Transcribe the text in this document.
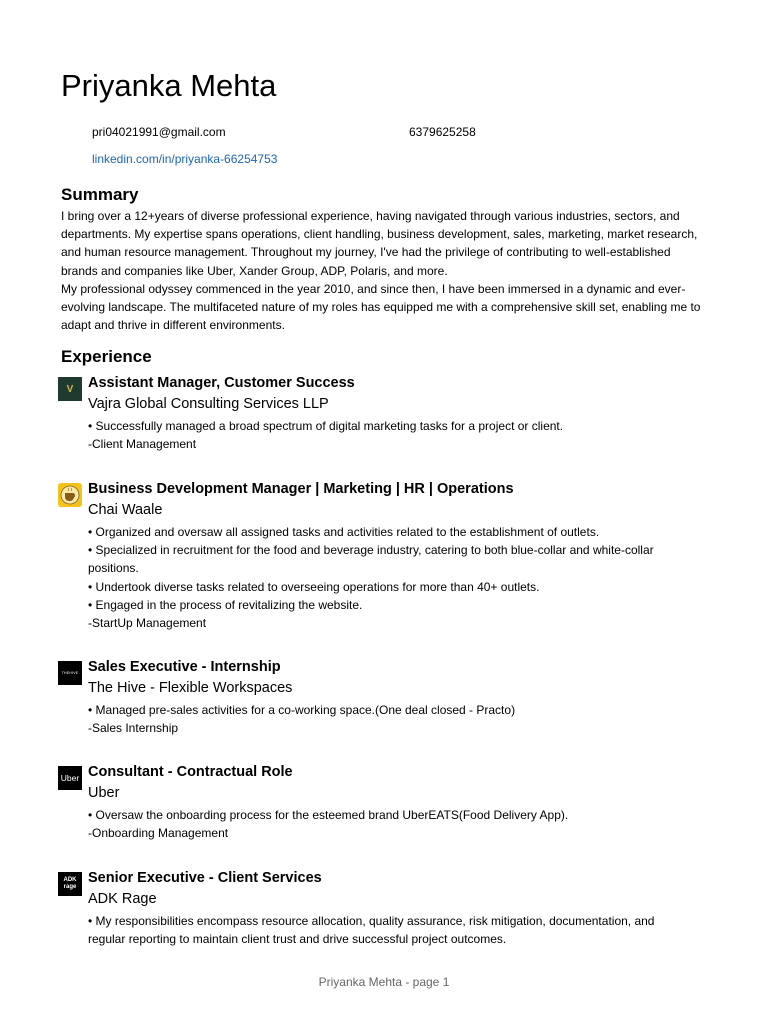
Priyanka Mehta
pri04021991@gmail.com	6379625258
linkedin.com/in/priyanka-66254753
Summary

I bring over a 12+years of diverse professional experience, having navigated through various industries, sectors, and departments. My expertise spans operations, client handling, business development, sales, marketing, market research, and human resource management. Throughout my journey, I've had the privilege of contributing to well-established brands and companies like Uber, Xander Group, ADP, Polaris, and more.

My professional odyssey commenced in the year 2010, and since then, I have been immersed in a dynamic and ever-evolving landscape. The multifaceted nature of my roles has equipped me with a comprehensive skill set, enabling me to adapt and thrive in different environments.

Experience
V Assistant Manager, Customer Success
Vajra Global Consulting Services LLP
• Successfully managed a broad spectrum of digital marketing tasks for a project or client.
-Client Management
Business Development Manager | Marketing | HR | Operations
Chai Waale
• Organized and oversaw all assigned tasks and activities related to the establishment of outlets.
• Specialized in recruitment for the food and beverage industry, catering to both blue-collar and white-collar positions.
• Undertook diverse tasks related to overseeing operations for more than 40+ outlets.
• Engaged in the process of revitalizing the website.
-StartUp Management
THEHIVE Sales Executive - Internship
The Hive - Flexible Workspaces
• Managed pre-sales activities for a co-working space.(One deal closed - Practo)
-Sales Internship
Uber Consultant - Contractual Role
Uber
• Oversaw the onboarding process for the esteemed brand UberEATS(Food Delivery App).
-Onboarding Management
ADK rage
Senior Executive - Client Services
ADK Rage
• My responsibilities encompass resource allocation, quality assurance, risk mitigation, documentation, and regular reporting to maintain client trust and drive successful project outcomes.
Priyanka Mehta - page 1
